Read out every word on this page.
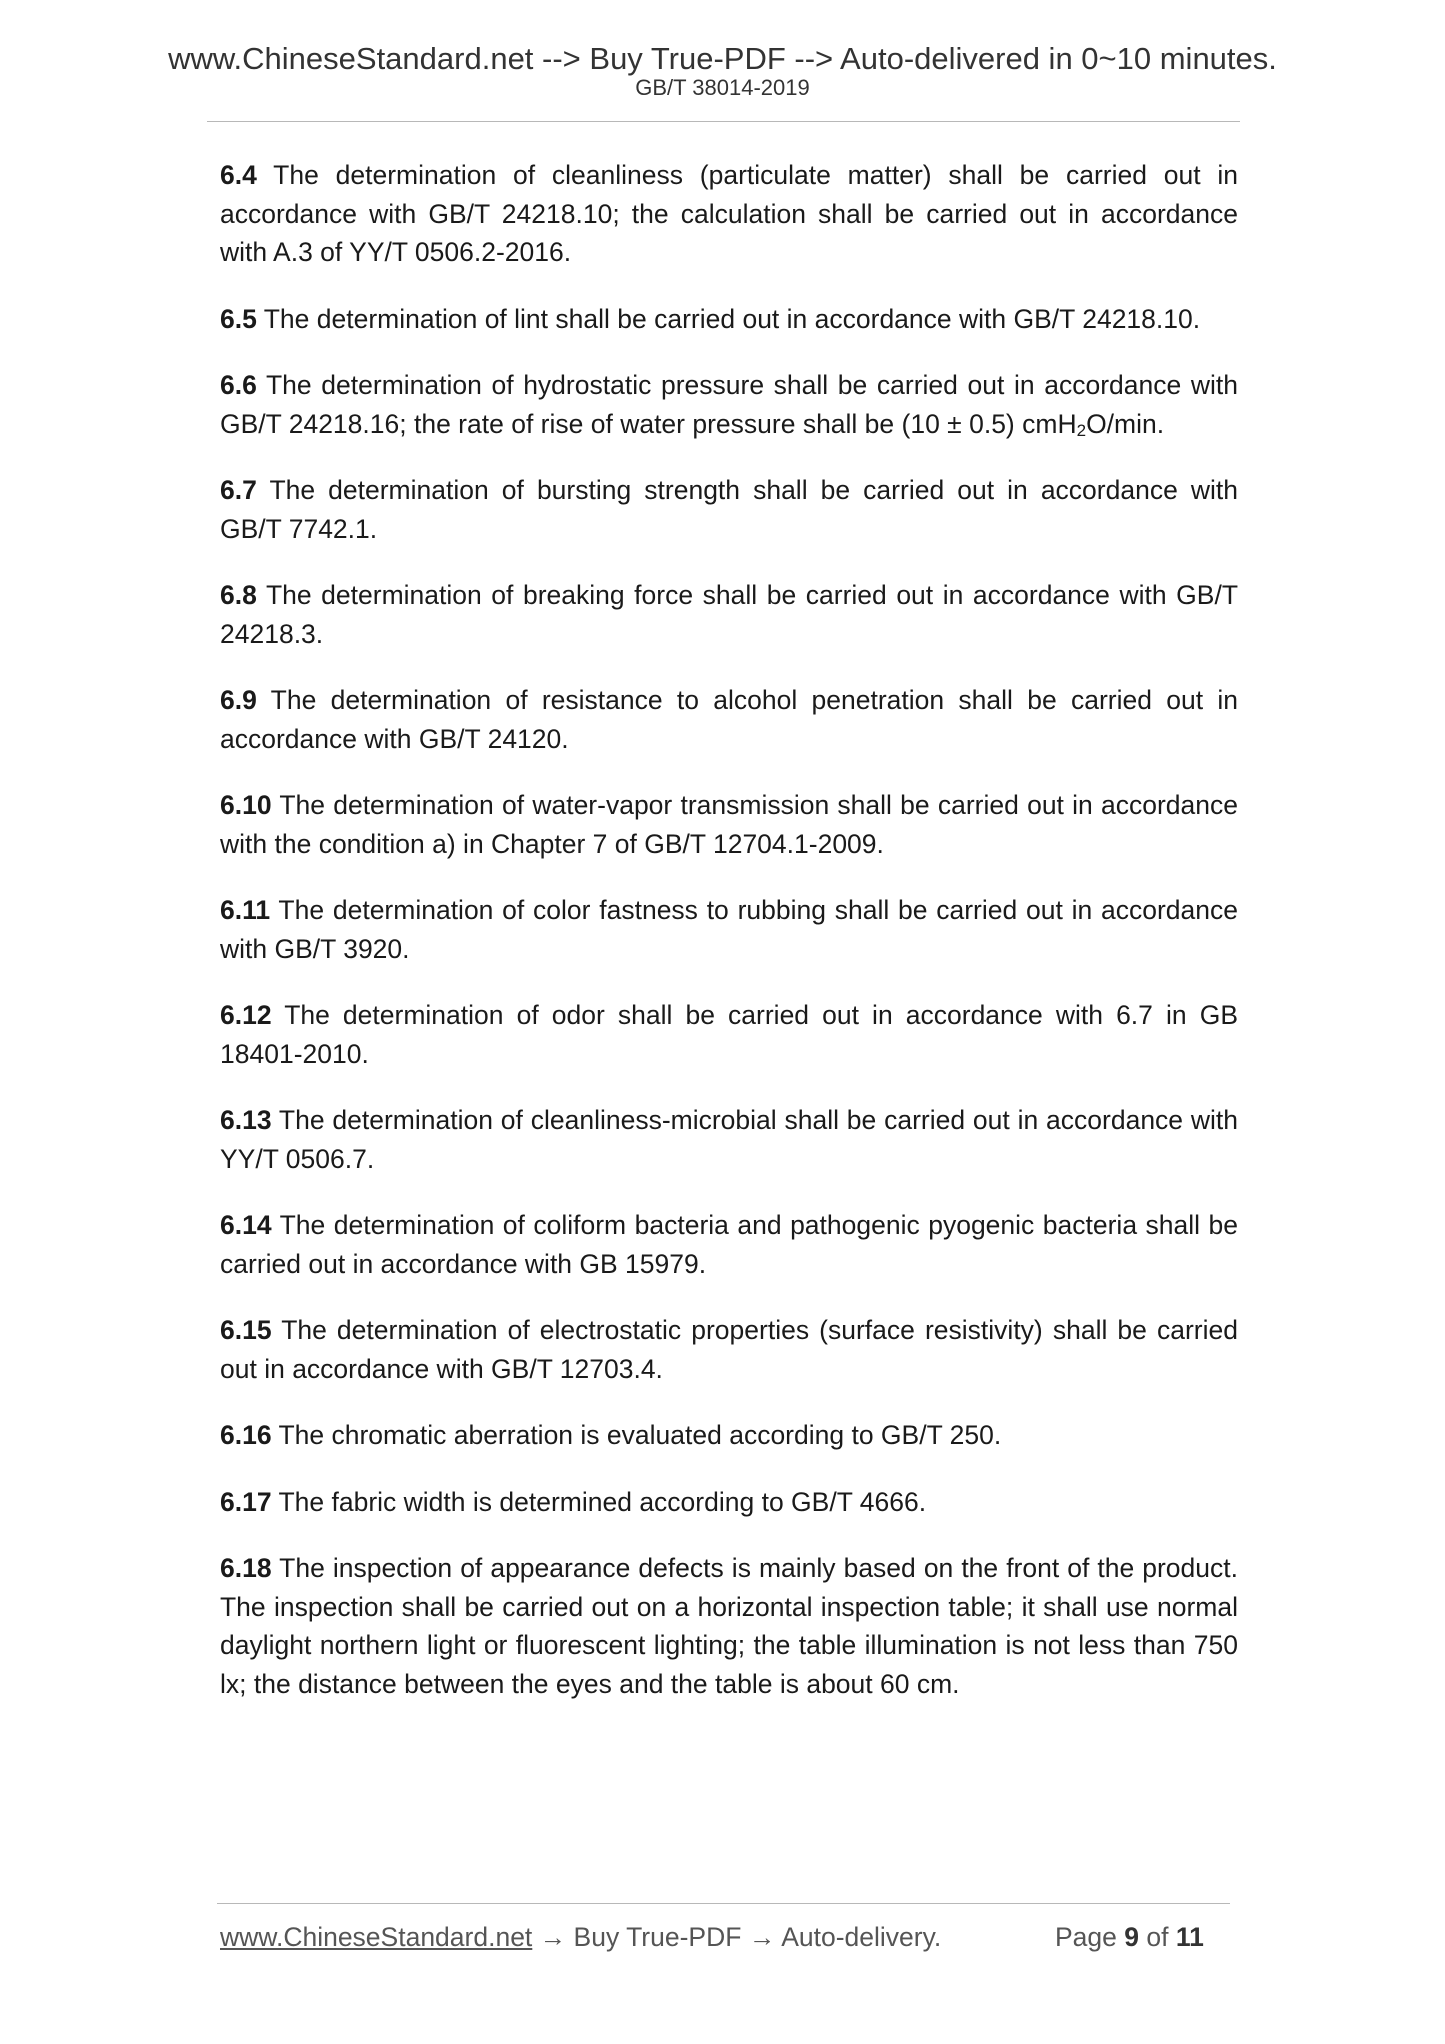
www.ChineseStandard.net --> Buy True-PDF --> Auto-delivered in 0~10 minutes.
GB/T 38014-2019

6.4 The determination of cleanliness (particulate matter) shall be carried out in accordance with GB/T 24218.10; the calculation shall be carried out in accordance with A.3 of YY/T 0506.2-2016.

6.5 The determination of lint shall be carried out in accordance with GB/T 24218.10.

6.6 The determination of hydrostatic pressure shall be carried out in accordance with GB/T 24218.16; the rate of rise of water pressure shall be (10 ± 0.5) cmH$_2$O/min.

6.7 The determination of bursting strength shall be carried out in accordance with GB/T 7742.1.

6.8 The determination of breaking force shall be carried out in accordance with GB/T 24218.3.

6.9 The determination of resistance to alcohol penetration shall be carried out in accordance with GB/T 24120.

6.10 The determination of water-vapor transmission shall be carried out in accordance with the condition a) in Chapter 7 of GB/T 12704.1-2009.

6.11 The determination of color fastness to rubbing shall be carried out in accordance with GB/T 3920.

6.12 The determination of odor shall be carried out in accordance with 6.7 in GB 18401-2010.

6.13 The determination of cleanliness-microbial shall be carried out in accordance with YY/T 0506.7.

6.14 The determination of coliform bacteria and pathogenic pyogenic bacteria shall be carried out in accordance with GB 15979.

6.15 The determination of electrostatic properties (surface resistivity) shall be carried out in accordance with GB/T 12703.4.

6.16 The chromatic aberration is evaluated according to GB/T 250.

6.17 The fabric width is determined according to GB/T 4666.

6.18 The inspection of appearance defects is mainly based on the front of the product. The inspection shall be carried out on a horizontal inspection table; it shall use normal daylight northern light or fluorescent lighting; the table illumination is not less than 750 lx; the distance between the eyes and the table is about 60 cm.

www.ChineseStandard.net → Buy True-PDF → Auto-delivery.	Page 9 of 11
